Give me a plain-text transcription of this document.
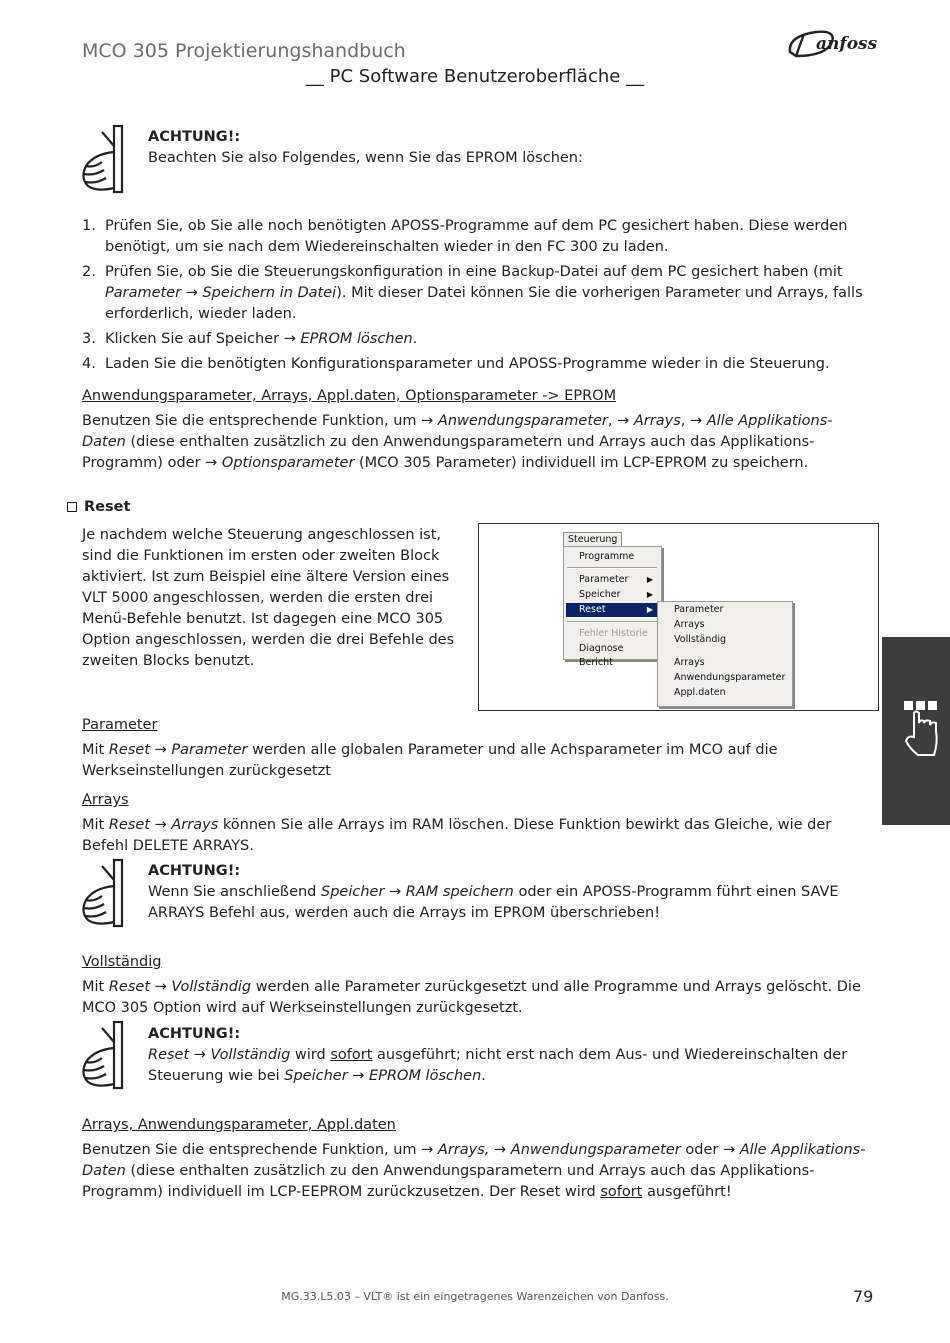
MCO 305 Projektierungshandbuch
__ PC Software Benutzeroberfläche __
anfoss
ACHTUNG!:
Beachten Sie also Folgendes, wenn Sie das EPROM löschen:
1. Prüfen Sie, ob Sie alle noch benötigten APOSS-Programme auf dem PC gesichert haben. Diese werden benötigt, um sie nach dem Wiedereinschalten wieder in den FC 300 zu laden.
2. Prüfen Sie, ob Sie die Steuerungskonfiguration in eine Backup-Datei auf dem PC gesichert haben (mit Parameter → Speichern in Datei). Mit dieser Datei können Sie die vorherigen Parameter und Arrays, falls erforderlich, wieder laden.
3. Klicken Sie auf Speicher → EPROM löschen.
4. Laden Sie die benötigten Konfigurationsparameter und APOSS-Programme wieder in die Steuerung.
Anwendungsparameter, Arrays, Appl.daten, Optionsparameter -> EPROM
Benutzen Sie die entsprechende Funktion, um → Anwendungsparameter, → Arrays, → Alle Applikations-Daten (diese enthalten zusätzlich zu den Anwendungsparametern und Arrays auch das Applikations-Programm) oder → Optionsparameter (MCO 305 Parameter) individuell im LCP-EPROM zu speichern.
Reset
Je nachdem welche Steuerung angeschlossen ist, sind die Funktionen im ersten oder zweiten Block aktiviert. Ist zum Beispiel eine ältere Version eines VLT 5000 angeschlossen, werden die ersten drei Menü-Befehle benutzt. Ist dagegen eine MCO 305 Option angeschlossen, werden die drei Befehle des zweiten Blocks benutzt.
Steuerung
Programme
Parameter ▶
Speicher	▶
Reset	▶
Fehler Historie
Diagnose Bericht
Parameter
Arrays
Vollständig
Arrays
Anwendungsparameter
Appl.daten
Parameter
Mit Reset → Parameter werden alle globalen Parameter und alle Achsparameter im MCO auf die Werkseinstellungen zurückgesetzt
Arrays
Mit Reset → Arrays können Sie alle Arrays im RAM löschen. Diese Funktion bewirkt das Gleiche, wie der Befehl DELETE ARRAYS.
ACHTUNG!:
Wenn Sie anschließend Speicher → RAM speichern oder ein APOSS-Programm führt einen SAVE ARRAYS Befehl aus, werden auch die Arrays im EPROM überschrieben!
Vollständig
Mit Reset → Vollständig werden alle Parameter zurückgesetzt und alle Programme und Arrays gelöscht. Die MCO 305 Option wird auf Werkseinstellungen zurückgesetzt.
ACHTUNG!:
Reset → Vollständig wird sofort ausgeführt; nicht erst nach dem Aus- und Wiedereinschalten der Steuerung wie bei Speicher → EPROM löschen.
Arrays, Anwendungsparameter, Appl.daten
Benutzen Sie die entsprechende Funktion, um → Arrays, → Anwendungsparameter oder → Alle Applikations-Daten (diese enthalten zusätzlich zu den Anwendungsparametern und Arrays auch das Applikations-Programm) individuell im LCP-EEPROM zurückzusetzen. Der Reset wird sofort ausgeführt!
MG.33.L5.03 – VLT® ist ein eingetragenes Warenzeichen von Danfoss.	79
